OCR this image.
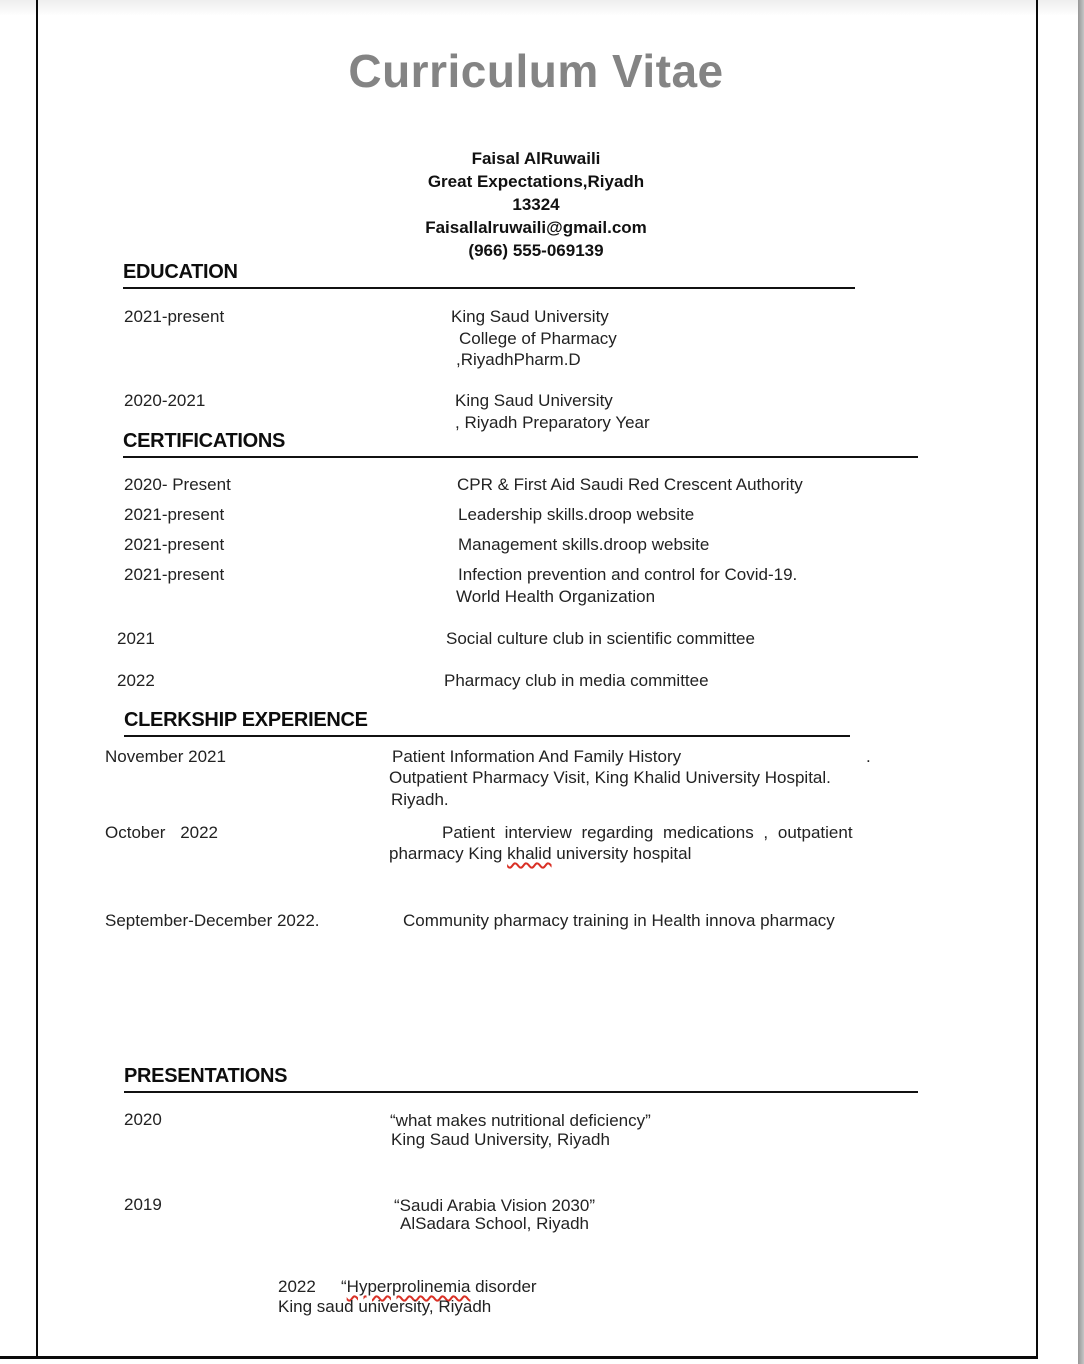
Curriculum Vitae
Faisal AlRuwaili
Great Expectations,Riyadh
13324
Faisallalruwaili@gmail.com
(966) 555-069139
EDUCATION
2021-present	King Saud University
College of Pharmacy
,RiyadhPharm.D
2020-2021	King Saud University
, Riyadh Preparatory Year
CERTIFICATIONS
2020- Present	CPR & First Aid Saudi Red Crescent Authority
2021-present	Leadership skills.droop website
2021-present	Management skills.droop website
2021-present	Infection prevention and control for Covid-19.
World Health Organization
2021	Social culture club in scientific committee
2022	Pharmacy club in media committee
CLERKSHIP EXPERIENCE
November 2021	Patient Information And Family History	.
Outpatient Pharmacy Visit, King Khalid University Hospital.
Riyadh.
October 2022	Patient interview regarding medications , outpatient
pharmacy King khalid university hospital
September-December 2022.	Community pharmacy training in Health innova pharmacy
PRESENTATIONS
2020	“what makes nutritional deficiency”
King Saud University, Riyadh
2019	“Saudi Arabia Vision 2030”
AlSadara School, Riyadh
2022 “Hyperprolinemia disorder
King saud university, Riyadh
